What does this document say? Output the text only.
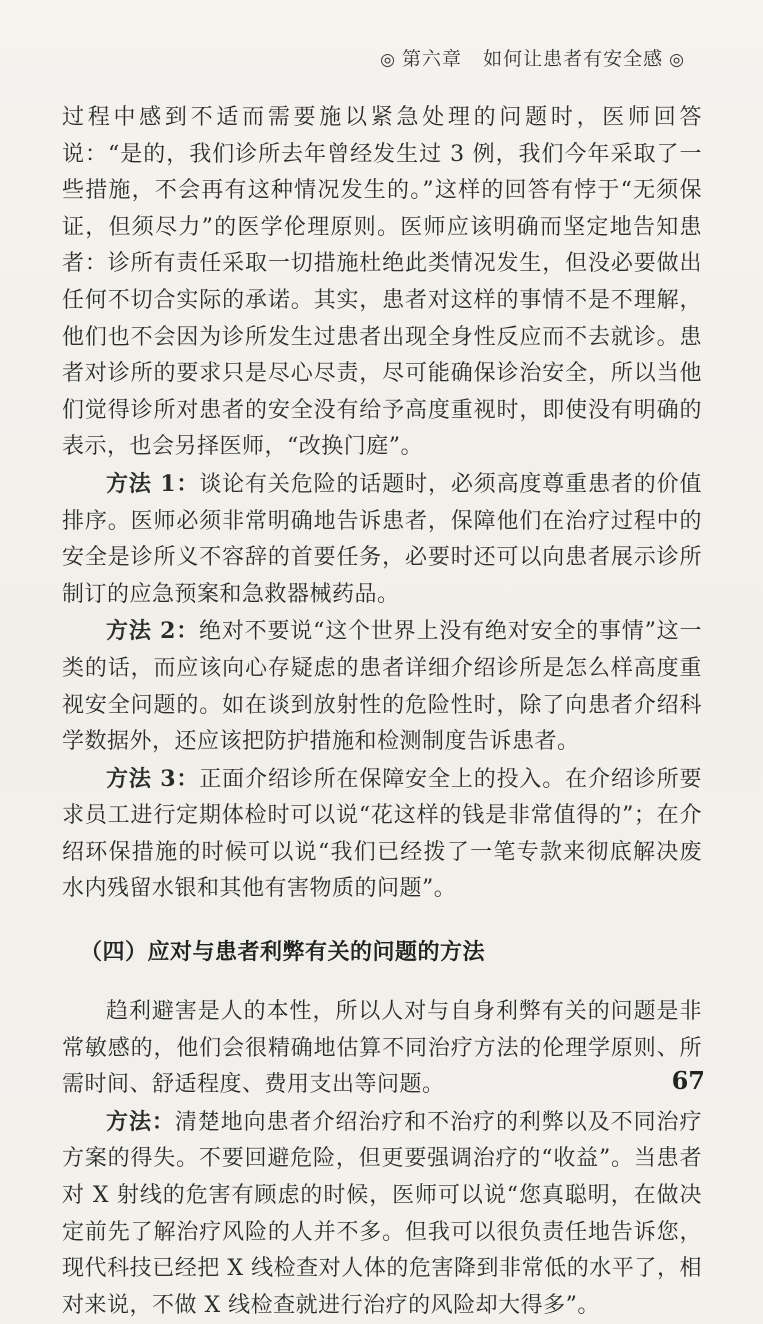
◎ 第六章 如何让患者有安全感 ◎

过程中感到不适而需要施以紧急处理的问题时，医师回答说：“是的，我们诊所去年曾经发生过 3 例，我们今年采取了一些措施，不会再有这种情况发生的。”这样的回答有悖于“无须保证，但须尽力”的医学伦理原则。医师应该明确而坚定地告知患者：诊所有责任采取一切措施杜绝此类情况发生，但没必要做出任何不切合实际的承诺。其实，患者对这样的事情不是不理解，他们也不会因为诊所发生过患者出现全身性反应而不去就诊。患者对诊所的要求只是尽心尽责，尽可能确保诊治安全，所以当他们觉得诊所对患者的安全没有给予高度重视时，即使没有明确的表示，也会另择医师，“改换门庭”。

方法 1：谈论有关危险的话题时，必须高度尊重患者的价值排序。医师必须非常明确地告诉患者，保障他们在治疗过程中的安全是诊所义不容辞的首要任务，必要时还可以向患者展示诊所制订的应急预案和急救器械药品。

方法 2：绝对不要说“这个世界上没有绝对安全的事情”这一类的话，而应该向心存疑虑的患者详细介绍诊所是怎么样高度重视安全问题的。如在谈到放射性的危险性时，除了向患者介绍科学数据外，还应该把防护措施和检测制度告诉患者。

方法 3：正面介绍诊所在保障安全上的投入。在介绍诊所要求员工进行定期体检时可以说“花这样的钱是非常值得的”；在介绍环保措施的时候可以说“我们已经拨了一笔专款来彻底解决废水内残留水银和其他有害物质的问题”。

（四）应对与患者利弊有关的问题的方法

趋利避害是人的本性，所以人对与自身利弊有关的问题是非常敏感的，他们会很精确地估算不同治疗方法的伦理学原则、所需时间、舒适程度、费用支出等问题。

方法：清楚地向患者介绍治疗和不治疗的利弊以及不同治疗方案的得失。不要回避危险，但更要强调治疗的“收益”。当患者对 X 射线的危害有顾虑的时候，医师可以说“您真聪明，在做决定前先了解治疗风险的人并不多。但我可以很负责任地告诉您，现代科技已经把 X 线检查对人体的危害降到非常低的水平了，相对来说，不做 X 线检查就进行治疗的风险却大得多”。

67
